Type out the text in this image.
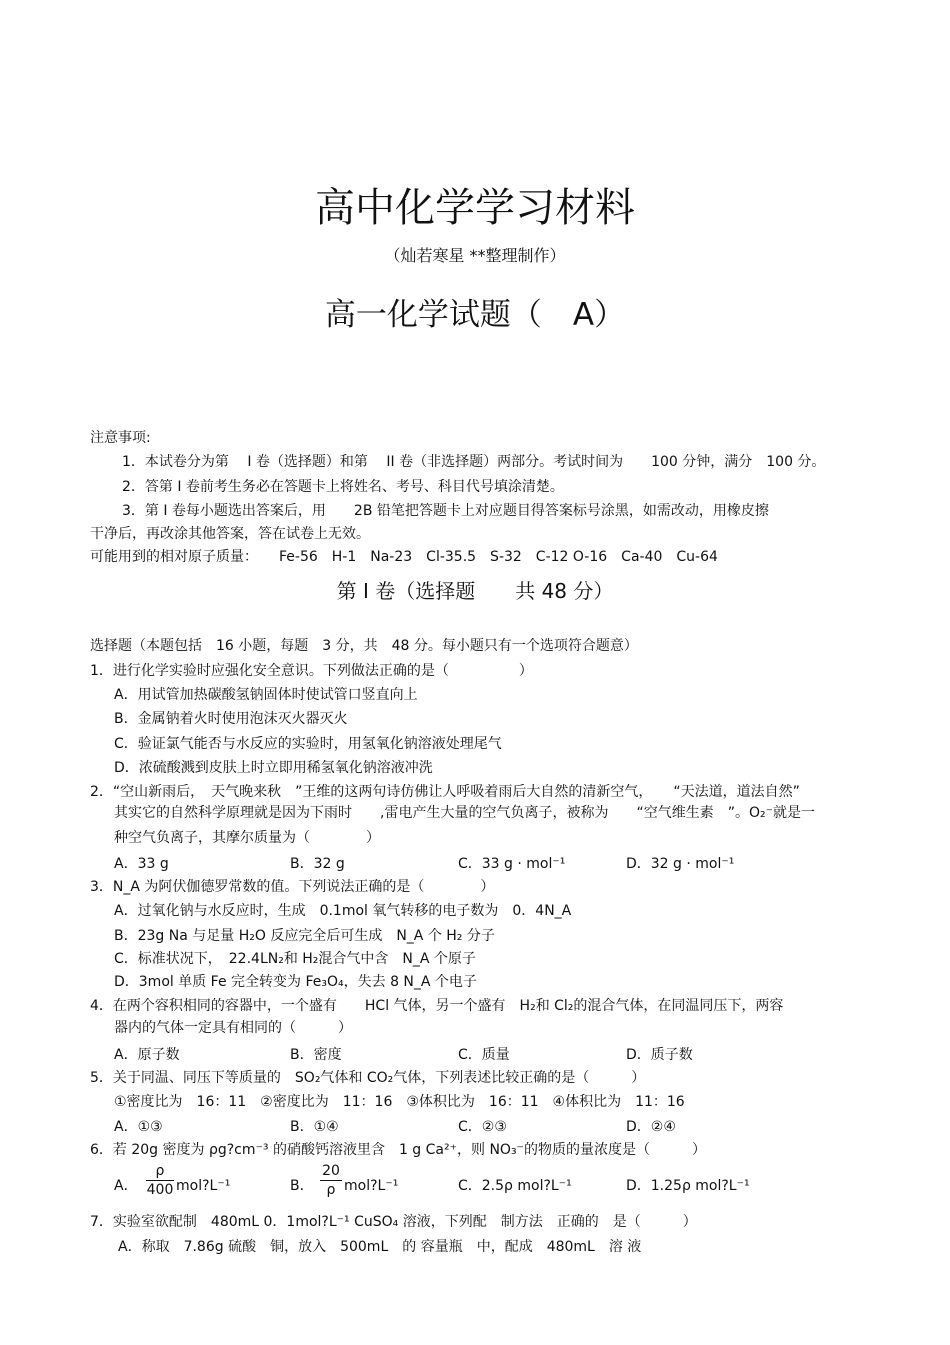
高中化学学习材料
（灿若寒星 **整理制作）
高一化学试题（　A）
注意事项:
1．本试卷分为第　 I 卷（选择题）和第　 II 卷（非选择题）两部分。考试时间为　　100 分钟，满分　100 分。
2．答第 I 卷前考生务必在答题卡上将姓名、考号、科目代号填涂清楚。
3．第 I 卷每小题选出答案后，用　　2B 铅笔把答题卡上对应题目得答案标号涂黑，如需改动，用橡皮擦
干净后，再改涂其他答案，答在试卷上无效。
可能用到的相对原子质量：　　Fe-56　H-1　Na-23　Cl-35.5　S-32　C-12 O-16　Ca-40　Cu-64
第 I 卷（选择题　　共 48 分）
选择题（本题包括　16 小题，每题　3 分，共　48 分。每小题只有一个选项符合题意）
1．进行化学实验时应强化安全意识。下列做法正确的是（　　　　　）
A．用试管加热碳酸氢钠固体时使试管口竖直向上
B．金属钠着火时使用泡沫灭火器灭火
C．验证氯气能否与水反应的实验时，用氢氧化钠溶液处理尾气
D．浓硫酸溅到皮肤上时立即用稀氢氧化钠溶液冲洗
2．“空山新雨后，　天气晚来秋　”王维的这两句诗仿佛让人呼吸着雨后大自然的清新空气，　　“天法道，道法自然”
其实它的自然科学原理就是因为下雨时　　,雷电产生大量的空气负离子，被称为　　“空气维生素　”。O₂⁻就是一
种空气负离子，其摩尔质量为（　　　　）
A．33 g	B．32 g	C．33 g · mol⁻¹	D．32 g · mol⁻¹
3．N_A 为阿伏伽德罗常数的值。下列说法正确的是（　　　　）
A．过氧化钠与水反应时，生成　0.1mol 氧气转移的电子数为　0．4N_A
B．23g Na 与足量 H₂O 反应完全后可生成　N_A 个 H₂ 分子
C．标准状况下，　22.4LN₂和 H₂混合气中含　N_A 个原子
D．3mol 单质 Fe 完全转变为 Fe₃O₄，失去 8 N_A 个电子
4．在两个容积相同的容器中，一个盛有　　HCl 气体，另一个盛有　H₂和 Cl₂的混合气体，在同温同压下，两容
器内的气体一定具有相同的（　　　）
A．原子数	B．密度	C．质量	D．质子数
5．关于同温、同压下等质量的　SO₂气体和 CO₂气体，下列表述比较正确的是（　　　）
①密度比为　16：11　②密度比为　11：16　③体积比为　16：11　④体积比为　11：16
A．①③	B．①④	C．②③	D．②④
6．若 20g 密度为 ρg?cm⁻³ 的硝酸钙溶液里含　1 g Ca²⁺，则 NO₃⁻的物质的量浓度是（　　　）
A．
ρ
400 mol?L⁻¹	B．
20
ρ mol?L⁻¹	C．2.5ρ mol?L⁻¹	D．1.25ρ mol?L⁻¹
7．实验室欲配制　480mL 0．1mol?L⁻¹ CuSO₄ 溶液，下列配　制方法　正确的　是（　　　）
A．称取　7.86g 硫酸　铜，放入　500mL　的 容量瓶　中，配成　480mL　溶 液
